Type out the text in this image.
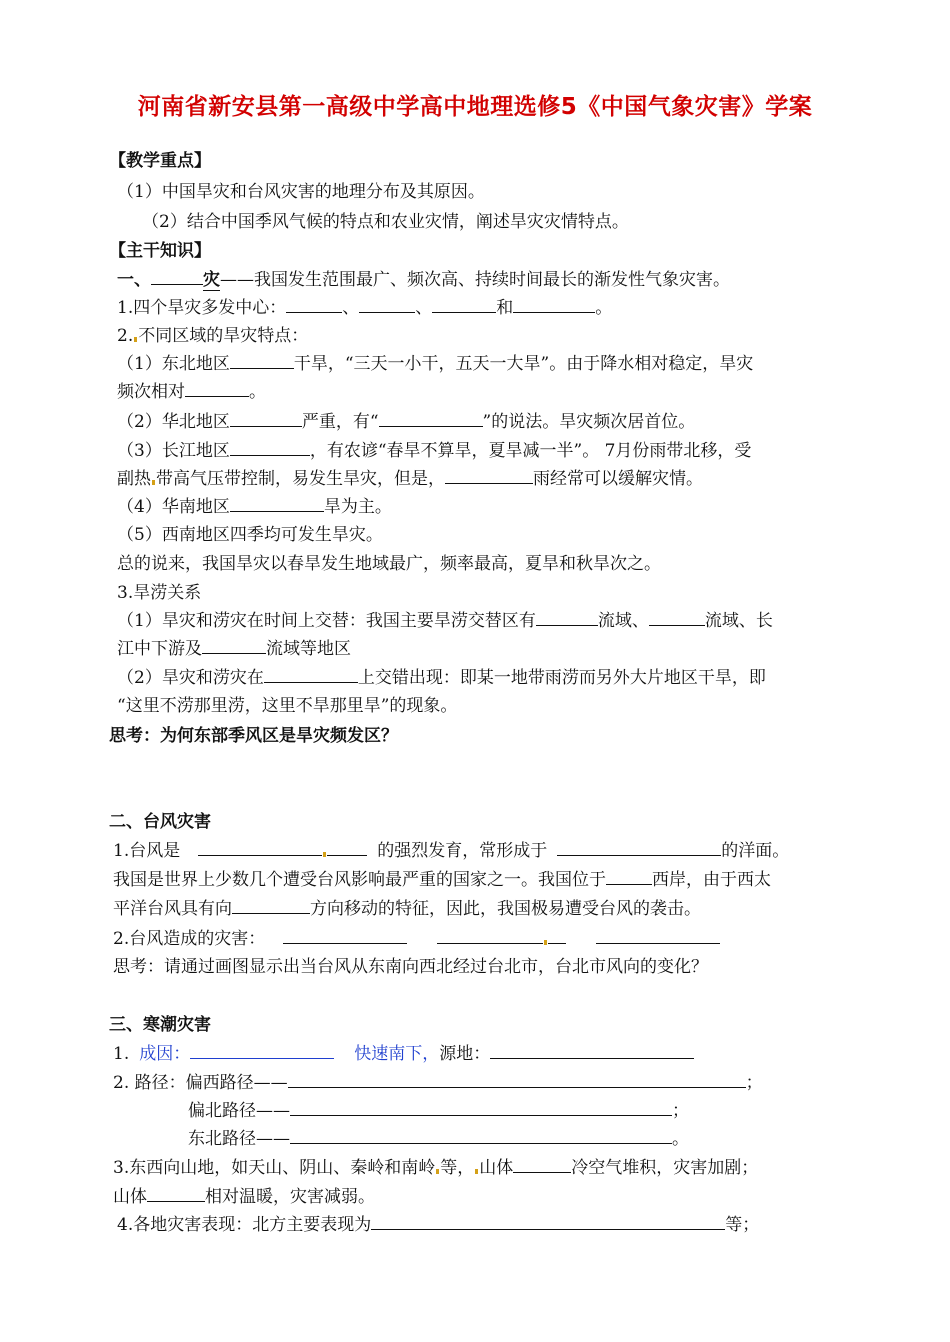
河南省新安县第一高级中学高中地理选修5《中国气象灾害》学案
【教学重点】
（1）中国旱灾和台风灾害的地理分布及其原因。
（2）结合中国季风气候的特点和农业灾情，阐述旱灾灾情特点。
【主干知识】
一、	灾——我国发生范围最广、频次高、持续时间最长的渐发性气象灾害。
1.四个旱灾多发中心：	、	、	和	。
2. 不同区域的旱灾特点：
（1）东北地区	干旱，“三天一小干，五天一大旱”。由于降水相对稳定，旱灾
频次相对	。
（2）华北地区	严重，有“	”的说法。旱灾频次居首位。
（3）长江地区	，有农谚“春旱不算旱，夏旱减一半”。 7月份雨带北移，受
副热 带高气压带控制，易发生旱灾，但是，	雨经常可以缓解灾情。
（4）华南地区	旱为主。
（5）西南地区四季均可发生旱灾。
总的说来，我国旱灾以春旱发生地域最广，频率最高，夏旱和秋旱次之。
3.旱涝关系
（1）旱灾和涝灾在时间上交替：我国主要旱涝交替区有	流域、	流域、长
江中下游及	流域等地区
（2）旱灾和涝灾在	上交错出现：即某一地带雨涝而另外大片地区干旱，即
“这里不涝那里涝，这里不旱那里旱”的现象。
思考：为何东部季风区是旱灾频发区？
二、台风灾害
1.台风是	的强烈发育，常形成于	的洋面。
我国是世界上少数几个遭受台风影响最严重的国家之一。我国位于	西岸，由于西太
平洋台风具有向	方向移动的特征，因此，我国极易遭受台风的袭击。
2.台风造成的灾害：
思考：请通过画图显示出当台风从东南向西北经过台北市，台北市风向的变化？
三、寒潮灾害
1. 成因：	快速南下，源地：
2. 路径：偏西路径——	；
偏北路径——	；
东北路径——	。
3.东西向山地，如天山、阴山、秦岭和南岭 等， 山体	冷空气堆积，灾害加剧；
山体	相对温暖，灾害减弱。
4.各地灾害表现：北方主要表现为	等；
